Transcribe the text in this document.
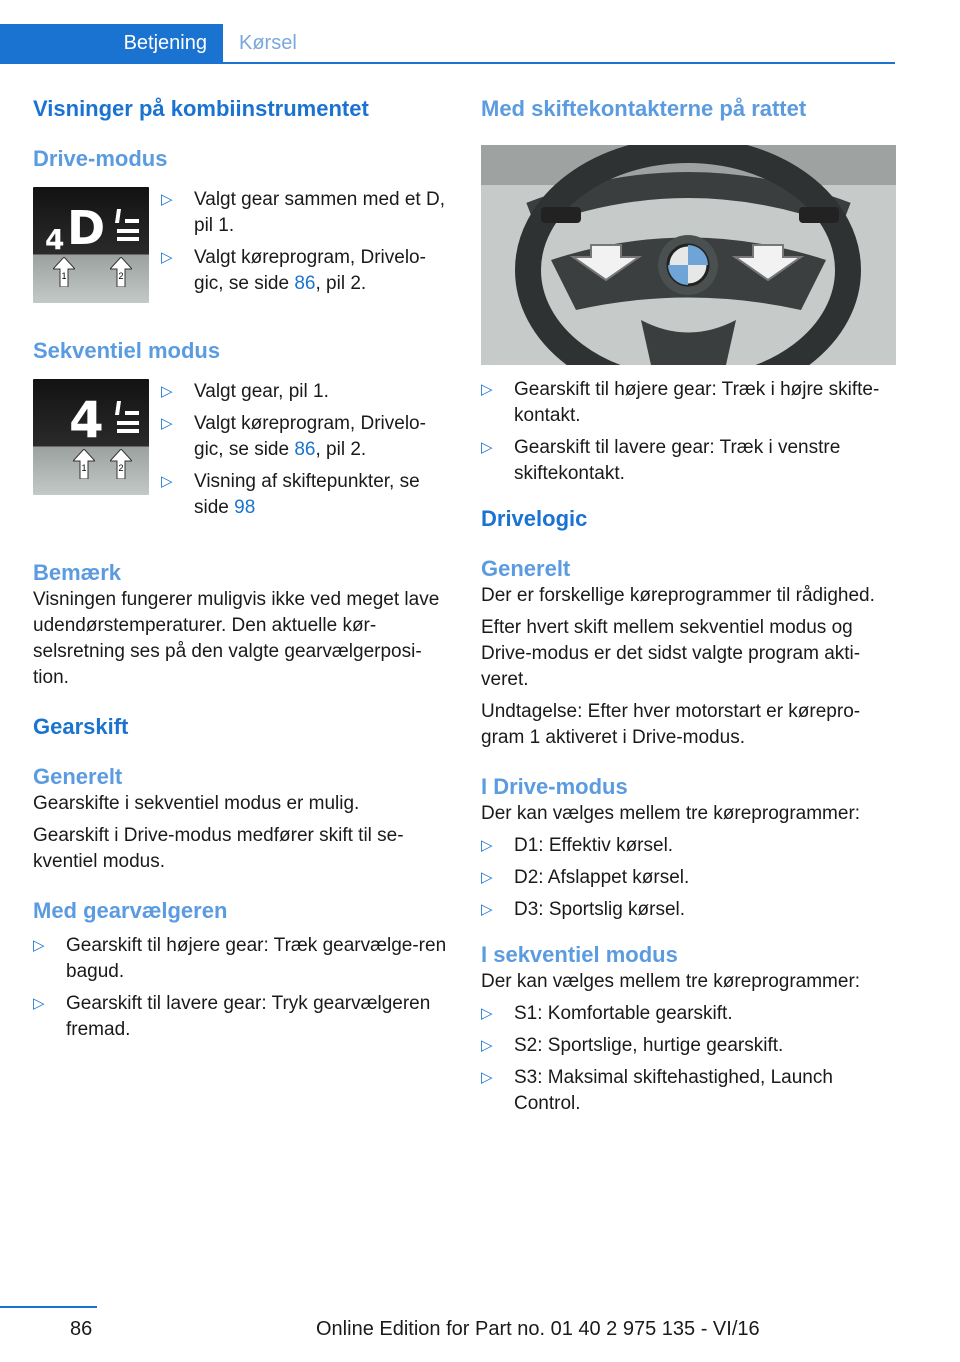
Betjening Kørsel
Visninger på kombiinstrumentet
Drive-modus
4 D
1	2
▷ Valgt gear sammen med et D, pil 1.
▷ Valgt køreprogram, Drivelo‐gic, se side 86, pil 2.
Sekventiel modus
4
1	2
▷ Valgt gear, pil 1.
▷ Valgt køreprogram, Drivelo‐gic, se side 86, pil 2.
▷ Visning af skiftepunkter, se side 98
Bemærk

Visningen fungerer muligvis ikke ved meget lave udendørstemperaturer. Den aktuelle kør‐selsretning ses på den valgte gearvælgerposi‐tion.

Gearskift
Generelt

Gearskifte i sekventiel modus er mulig.

Gearskift i Drive-modus medfører skift til se‐kventiel modus.

Med gearvælgeren
▷ Gearskift til højere gear: Træk gearvælge‐ren bagud.
▷ Gearskift til lavere gear: Tryk gearvælgeren fremad.
Med skiftekontakterne på rattet
▷ Gearskift til højere gear: Træk i højre skifte‐kontakt.
▷ Gearskift til lavere gear: Træk i venstre skiftekontakt.
Drivelogic
Generelt

Der er forskellige køreprogrammer til rådighed.

Efter hvert skift mellem sekventiel modus og Drive-modus er det sidst valgte program akti‐veret.

Undtagelse: Efter hver motorstart er kørepro‐gram 1 aktiveret i Drive-modus.

I Drive-modus

Der kan vælges mellem tre køreprogrammer:

▷ D1: Effektiv kørsel.
▷ D2: Afslappet kørsel.
▷ D3: Sportslig kørsel.
I sekventiel modus

Der kan vælges mellem tre køreprogrammer:

▷ S1: Komfortable gearskift.
▷ S2: Sportslige, hurtige gearskift.
▷ S3: Maksimal skiftehastighed, Launch Control.
86	Online Edition for Part no. 01 40 2 975 135 - VI/16
